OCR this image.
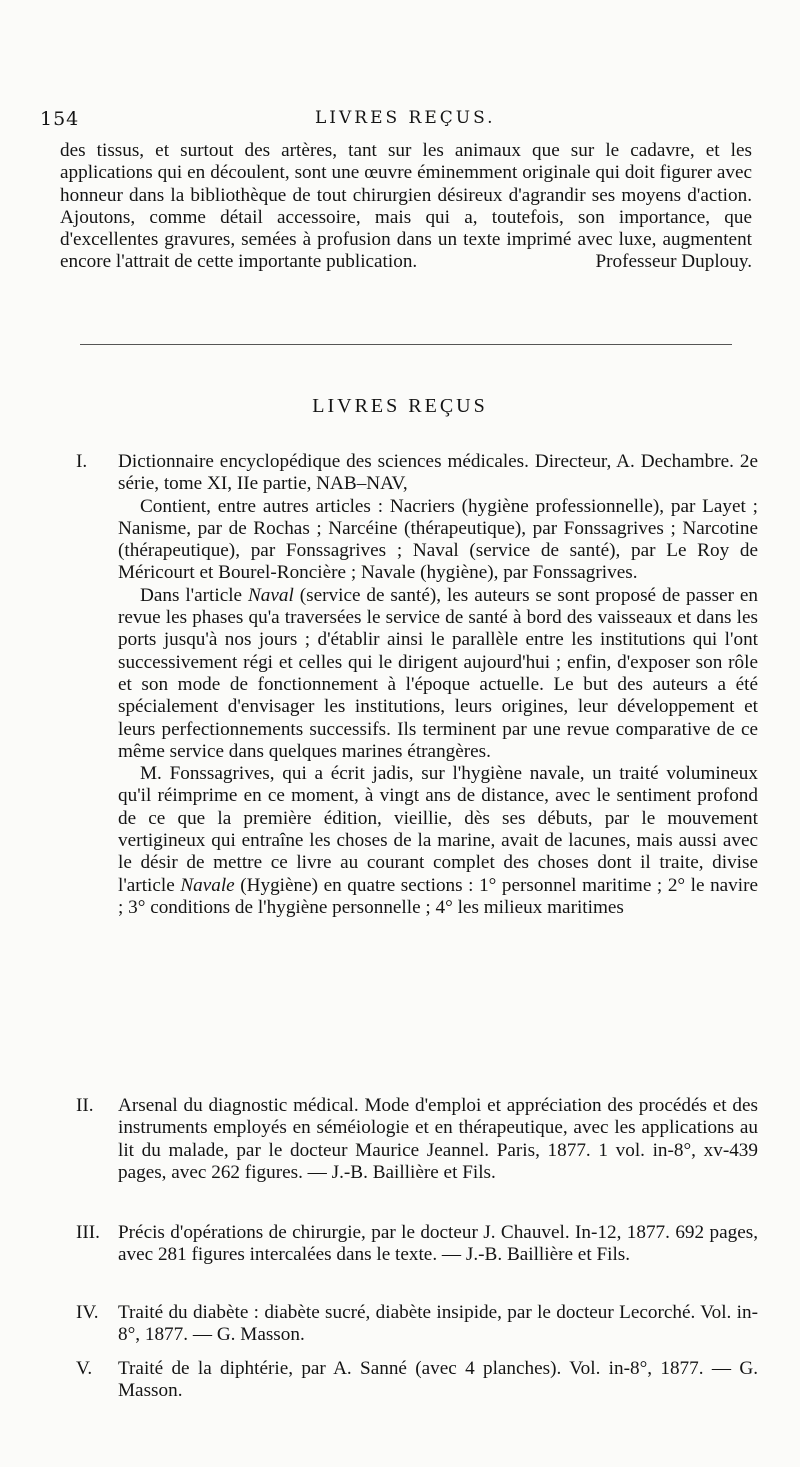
154	LIVRES REÇUS.

des tissus, et surtout des artères, tant sur les animaux que sur le cadavre, et les applications qui en découlent, sont une œuvre éminemment originale qui doit figurer avec honneur dans la bibliothèque de tout chirurgien désireux d'agrandir ses moyens d'action. Ajoutons, comme détail accessoire, mais qui a, toutefois, son importance, que d'excellentes gravures, semées à profusion dans un texte imprimé avec luxe, augmentent encore l'attrait de cette importante publication.	Professeur Duplouy.

LIVRES REÇUS
I. Dictionnaire encyclopédique des sciences médicales. Directeur, A. Dechambre. 2e série, tome XI, IIe partie, NAB–NAV,
Contient, entre autres articles : Nacriers (hygiène professionnelle), par Layet ; Nanisme, par de Rochas ; Narcéine (thérapeutique), par Fonssagrives ; Narcotine (thérapeutique), par Fonssagrives ; Naval (service de santé), par Le Roy de Méricourt et Bourel-Roncière ; Navale (hygiène), par Fonssagrives.
Dans l'article Naval (service de santé), les auteurs se sont proposé de passer en revue les phases qu'a traversées le service de santé à bord des vaisseaux et dans les ports jusqu'à nos jours ; d'établir ainsi le parallèle entre les institutions qui l'ont successivement régi et celles qui le dirigent aujourd'hui ; enfin, d'exposer son rôle et son mode de fonctionnement à l'époque actuelle. Le but des auteurs a été spécialement d'envisager les institutions, leurs origines, leur développement et leurs perfectionnements successifs. Ils terminent par une revue comparative de ce même service dans quelques marines étrangères.
M. Fonssagrives, qui a écrit jadis, sur l'hygiène navale, un traité volumineux qu'il réimprime en ce moment, à vingt ans de distance, avec le sentiment profond de ce que la première édition, vieillie, dès ses débuts, par le mouvement vertigineux qui entraîne les choses de la marine, avait de lacunes, mais aussi avec le désir de mettre ce livre au courant complet des choses dont il traite, divise l'article Navale (Hygiène) en quatre sections : 1° personnel maritime ; 2° le navire ; 3° conditions de l'hygiène personnelle ; 4° les milieux maritimes
II. Arsenal du diagnostic médical. Mode d'emploi et appréciation des procédés et des instruments employés en séméiologie et en thérapeutique, avec les applications au lit du malade, par le docteur Maurice Jeannel. Paris, 1877. 1 vol. in-8°, xv-439 pages, avec 262 figures. — J.-B. Baillière et Fils.
III. Précis d'opérations de chirurgie, par le docteur J. Chauvel. In-12, 1877. 692 pages, avec 281 figures intercalées dans le texte. — J.-B. Baillière et Fils.
IV. Traité du diabète : diabète sucré, diabète insipide, par le docteur Lecorché. Vol. in-8°, 1877. — G. Masson.
V. Traité de la diphtérie, par A. Sanné (avec 4 planches). Vol. in-8°, 1877. — G. Masson.
